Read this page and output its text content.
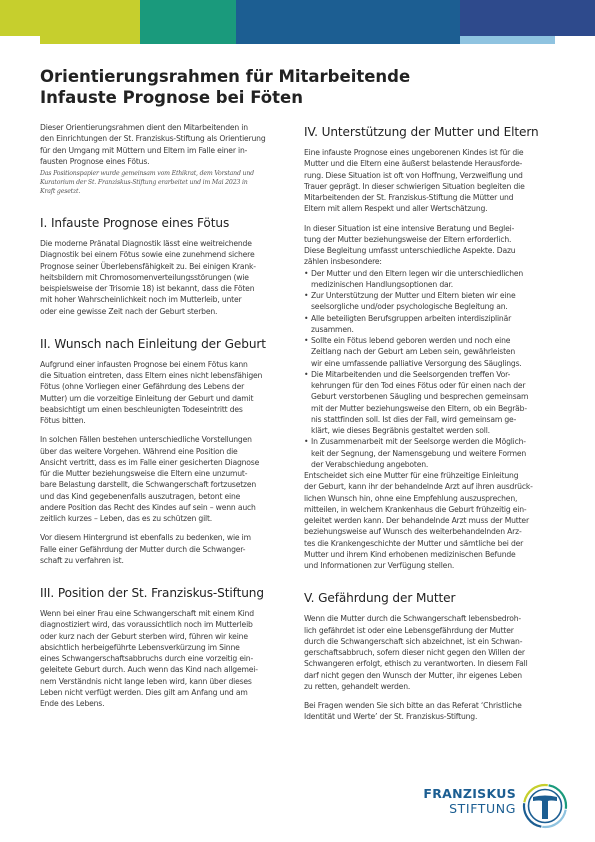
Orientierungsrahmen für Mitarbeitende
Infauste Prognose bei Föten

Dieser Orientierungsrahmen dient den Mitarbeitenden in
den Einrichtungen der St. Franziskus-Stiftung als Orientierung
für den Umgang mit Müttern und Eltern im Falle einer in-
fausten Prognose eines Fötus.

Das Positionspapier wurde gemeinsam vom Ethikrat, dem Vorstand und
Kuratorium der St. Franziskus-Stiftung erarbeitet und im Mai 2023 in
Kraft gesetzt.

I. Infauste Prognose eines Fötus

Die moderne Pränatal Diagnostik lässt eine weitreichende
Diagnostik bei einem Fötus sowie eine zunehmend sichere
Prognose seiner Überlebensfähigkeit zu. Bei einigen Krank-
heitsbildern mit Chromosomenverteilungsstörungen (wie
beispielsweise der Trisomie 18) ist bekannt, dass die Föten
mit hoher Wahrscheinlichkeit noch im Mutterleib, unter
oder eine gewisse Zeit nach der Geburt sterben.

II. Wunsch nach Einleitung der Geburt

Aufgrund einer infausten Prognose bei einem Fötus kann
die Situation eintreten, dass Eltern eines nicht lebensfähigen
Fötus (ohne Vorliegen einer Gefährdung des Lebens der
Mutter) um die vorzeitige Einleitung der Geburt und damit
beabsichtigt um einen beschleunigten Todeseintritt des
Fötus bitten.

In solchen Fällen bestehen unterschiedliche Vorstellungen
über das weitere Vorgehen. Während eine Position die
Ansicht vertritt, dass es im Falle einer gesicherten Diagnose
für die Mutter beziehungsweise die Eltern eine unzumut-
bare Belastung darstellt, die Schwangerschaft fortzusetzen
und das Kind gegebenenfalls auszutragen, betont eine
andere Position das Recht des Kindes auf sein – wenn auch
zeitlich kurzes – Leben, das es zu schützen gilt.

Vor diesem Hintergrund ist ebenfalls zu bedenken, wie im
Falle einer Gefährdung der Mutter durch die Schwanger-
schaft zu verfahren ist.

III. Position der St. Franziskus-Stiftung

Wenn bei einer Frau eine Schwangerschaft mit einem Kind
diagnostiziert wird, das voraussichtlich noch im Mutterleib
oder kurz nach der Geburt sterben wird, führen wir keine
absichtlich herbeigeführte Lebensverkürzung im Sinne
eines Schwangerschaftsabbruchs durch eine vorzeitig ein-
geleitete Geburt durch. Auch wenn das Kind nach allgemei-
nem Verständnis nicht lange leben wird, kann über dieses
Leben nicht verfügt werden. Dies gilt am Anfang und am
Ende des Lebens.

IV. Unterstützung der Mutter und Eltern

Eine infauste Prognose eines ungeborenen Kindes ist für die
Mutter und die Eltern eine äußerst belastende Herausforde-
rung. Diese Situation ist oft von Hoffnung, Verzweiflung und
Trauer geprägt. In dieser schwierigen Situation begleiten die
Mitarbeitenden der St. Franziskus-Stiftung die Mütter und
Eltern mit allem Respekt und aller Wertschätzung.

In dieser Situation ist eine intensive Beratung und Beglei-
tung der Mutter beziehungsweise der Eltern erforderlich.
Diese Begleitung umfasst unterschiedliche Aspekte. Dazu
zählen insbesondere:

• Der Mutter und den Eltern legen wir die unterschiedlichen
medizinischen Handlungsoptionen dar.
• Zur Unterstützung der Mutter und Eltern bieten wir eine
seelsorgliche und/oder psychologische Begleitung an.
• Alle beteiligten Berufsgruppen arbeiten interdisziplinär
zusammen.
• Sollte ein Fötus lebend geboren werden und noch eine
Zeitlang nach der Geburt am Leben sein, gewährleisten
wir eine umfassende palliative Versorgung des Säuglings.
• Die Mitarbeitenden und die Seelsorgenden treffen Vor-
kehrungen für den Tod eines Fötus oder für einen nach der
Geburt verstorbenen Säugling und besprechen gemeinsam
mit der Mutter beziehungsweise den Eltern, ob ein Begräb-
nis stattfinden soll. Ist dies der Fall, wird gemeinsam ge-
klärt, wie dieses Begräbnis gestaltet werden soll.
• In Zusammenarbeit mit der Seelsorge werden die Möglich-
keit der Segnung, der Namensgebung und weitere Formen
der Verabschiedung angeboten.

Entscheidet sich eine Mutter für eine frühzeitige Einleitung
der Geburt, kann ihr der behandelnde Arzt auf ihren ausdrück-
lichen Wunsch hin, ohne eine Empfehlung auszusprechen,
mitteilen, in welchem Krankenhaus die Geburt frühzeitig ein-
geleitet werden kann. Der behandelnde Arzt muss der Mutter
beziehungsweise auf Wunsch des weiterbehandelnden Arz-
tes die Krankengeschichte der Mutter und sämtliche bei der
Mutter und ihrem Kind erhobenen medizinischen Befunde
und Informationen zur Verfügung stellen.

V. Gefährdung der Mutter

Wenn die Mutter durch die Schwangerschaft lebensbedroh-
lich gefährdet ist oder eine Lebensgefährdung der Mutter
durch die Schwangerschaft sich abzeichnet, ist ein Schwan-
gerschaftsabbruch, sofern dieser nicht gegen den Willen der
Schwangeren erfolgt, ethisch zu verantworten. In diesem Fall
darf nicht gegen den Wunsch der Mutter, ihr eigenes Leben
zu retten, gehandelt werden.

Bei Fragen wenden Sie sich bitte an das Referat ‘Christliche
Identität und Werte’ der St. Franziskus-Stiftung.

FRANZISKUS
STIFTUNG
